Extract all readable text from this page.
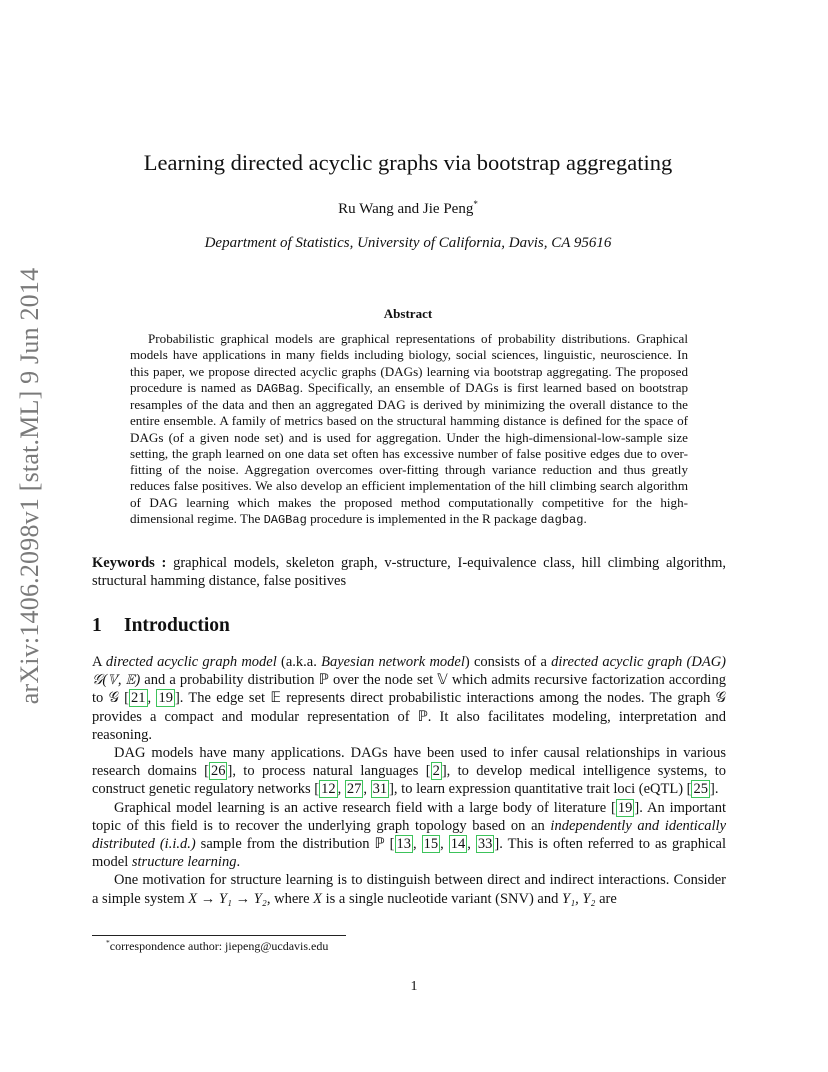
arXiv:1406.2098v1 [stat.ML] 9 Jun 2014
Learning directed acyclic graphs via bootstrap aggregating
Ru Wang and Jie Peng*
Department of Statistics, University of California, Davis, CA 95616
Abstract

Probabilistic graphical models are graphical representations of probability distributions. Graphical models have applications in many fields including biology, social sciences, linguistic, neuroscience. In this paper, we propose directed acyclic graphs (DAGs) learning via bootstrap aggregating. The proposed procedure is named as DAGBag. Specifically, an ensemble of DAGs is first learned based on bootstrap resamples of the data and then an aggregated DAG is derived by minimizing the overall distance to the entire ensemble. A family of metrics based on the structural hamming distance is defined for the space of DAGs (of a given node set) and is used for aggregation. Under the high-dimensional-low-sample size setting, the graph learned on one data set often has excessive number of false positive edges due to over-fitting of the noise. Aggregation overcomes over-fitting through variance reduction and thus greatly reduces false positives. We also develop an efficient implementation of the hill climbing search algorithm of DAG learning which makes the proposed method computationally competitive for the high-dimensional regime. The DAGBag procedure is implemented in the R package dagbag.

Keywords : graphical models, skeleton graph, v-structure, I-equivalence class, hill climbing algorithm, structural hamming distance, false positives

1 Introduction

A directed acyclic graph model (a.k.a. Bayesian network model) consists of a directed acyclic graph (DAG) 𝒢(𝕍, 𝔼) and a probability distribution ℙ over the node set 𝕍 which admits recursive factorization according to 𝒢 [ 21 , 19 ]. The edge set 𝔼 represents direct probabilistic interactions among the nodes. The graph 𝒢 provides a compact and modular representation of ℙ. It also facilitates modeling, interpretation and reasoning.

DAG models have many applications. DAGs have been used to infer causal relationships in various research domains [ 26 ], to process natural languages [ 2 ], to develop medical intelligence systems, to construct genetic regulatory networks [ 12 , 27 , 31 ], to learn expression quantitative trait loci (eQTL) [ 25 ].

Graphical model learning is an active research field with a large body of literature [ 19 ]. An important topic of this field is to recover the underlying graph topology based on an independently and identically distributed (i.i.d.) sample from the distribution ℙ [ 13 , 15 , 14 , 33 ]. This is often referred to as graphical model structure learning.

One motivation for structure learning is to distinguish between direct and indirect interactions. Consider a simple system X → Y₁ → Y₂, where X is a single nucleotide variant (SNV) and Y₁, Y₂ are

*correspondence author: jiepeng@ucdavis.edu
1
